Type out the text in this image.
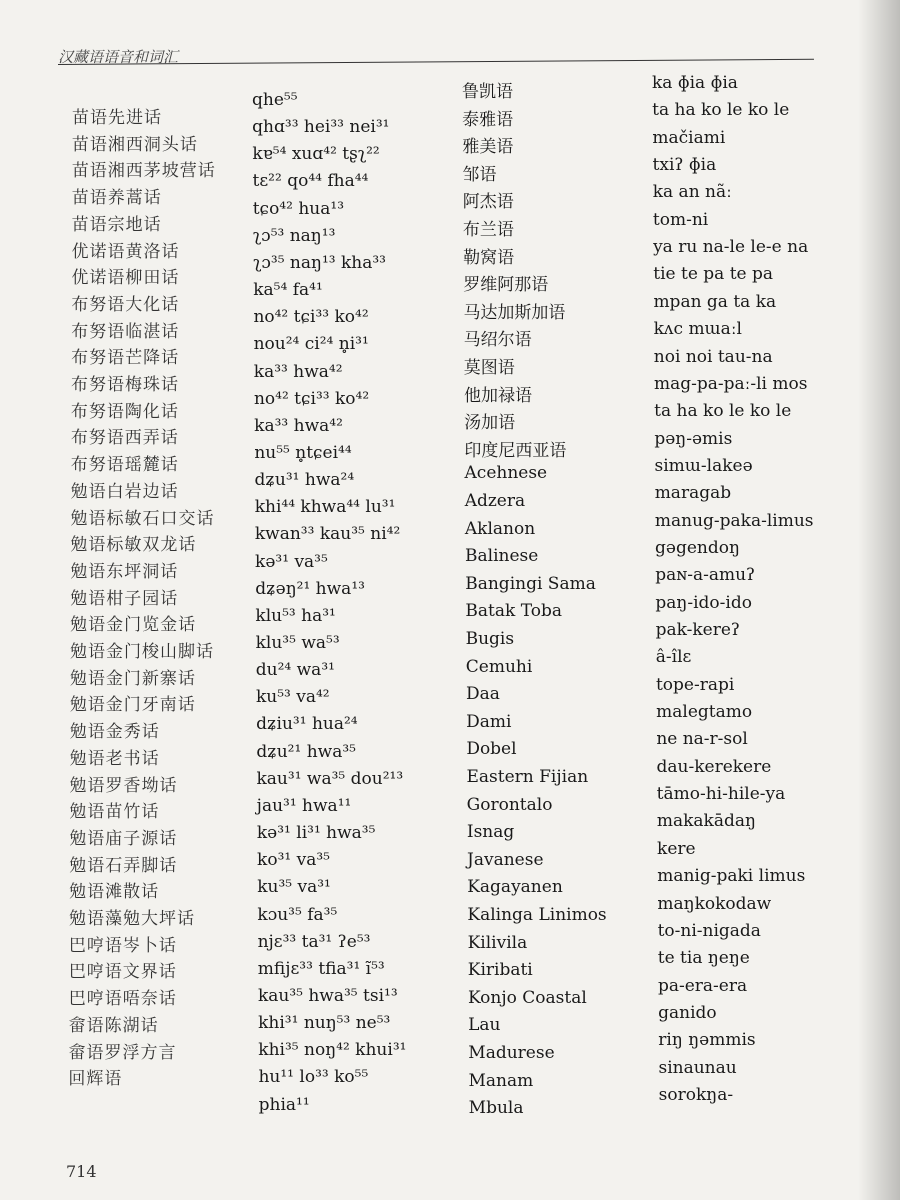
汉藏语语音和词汇
苗语先进话
苗语湘西洞头话
苗语湘西茅坡营话
苗语养蒿话
苗语宗地话
优诺语黄洛话
优诺语柳田话
布努语大化话
布努语临湛话
布努语芒降话
布努语梅珠话
布努语陶化话
布努语西弄话
布努语瑶麓话
勉语白岩边话
勉语标敏石口交话
勉语标敏双龙话
勉语东坪洞话
勉语柑子园话
勉语金门览金话
勉语金门梭山脚话
勉语金门新寨话
勉语金门牙南话
勉语金秀话
勉语老书话
勉语罗香坳话
勉语苗竹话
勉语庙子源话
勉语石弄脚话
勉语滩散话
勉语藻勉大坪话
巴哼语岑卜话
巴哼语文界话
巴哼语唔奈话
畲语陈湖话
畲语罗浮方言
回辉语
qhe⁵⁵
qhɑ³³ hei³³ nei³¹
kɐ⁵⁴ xuɑ⁴² tʂʅ²²
tɛ²² qo⁴⁴ fha⁴⁴
tɕo⁴² hua¹³
ʅɔ⁵³ naŋ¹³
ʅɔ³⁵ naŋ¹³ kha³³
ka⁵⁴ fa⁴¹
no⁴² tɕi³³ ko⁴²
nou²⁴ ci²⁴ n̥i³¹
ka³³ hwa⁴²
no⁴² tɕi³³ ko⁴²
ka³³ hwa⁴²
nu⁵⁵ n̥tɕei⁴⁴
dʑu³¹ hwa²⁴
khi⁴⁴ khwa⁴⁴ lu³¹
kwan³³ kau³⁵ ni⁴²
kə³¹ va³⁵
dʑəŋ²¹ hwa¹³
klu⁵³ ha³¹
klu³⁵ wa⁵³
du²⁴ wa³¹
ku⁵³ va⁴²
dʑiu³¹ hua²⁴
dʑu²¹ hwa³⁵
kau³¹ wa³⁵ dou²¹³
jau³¹ hwa¹¹
kə³¹ li³¹ hwa³⁵
ko³¹ va³⁵
ku³⁵ va³¹
kɔu³⁵ fa³⁵
njɛ³³ ta³¹ ʔe⁵³
mfijɛ³³ tfia³¹ ĩ⁵³
kau³⁵ hwa³⁵ tsi¹³
khi³¹ nuŋ⁵³ ne⁵³
khi³⁵ noŋ⁴² khui³¹
hu¹¹ lo³³ ko⁵⁵
phia¹¹
鲁凯语
泰雅语
雅美语
邹语
阿杰语
布兰语
勒窝语
罗维阿那语
马达加斯加语
马绍尔语
莫图语
他加禄语
汤加语
印度尼西亚语
Acehnese
Adzera
Aklanon
Balinese
Bangingi Sama
Batak Toba
Bugis
Cemuhi
Daa
Dami
Dobel
Eastern Fijian
Gorontalo
Isnag
Javanese
Kagayanen
Kalinga Linimos
Kilivila
Kiribati
Konjo Coastal
Lau
Madurese
Manam
Mbula
ka ɸia ɸia
ta ha ko le ko le
mačiami
txiʔ ɸia
ka an nãː
tom-ni
ya ru na-le le-e na
tie te pa te pa
mpan ga ta ka
kʌc mɯaːl
noi noi tau-na
mag-pa-paː-li mos
ta ha ko le ko le
pəŋ-əmis
simɯ-lakeə
maragab
manug-paka-limus
gəgendoŋ
paɴ-a-amuʔ
paŋ-ido-ido
pak-kereʔ
â-îlɛ
tope-rapi
malegtamo
ne na-r-sol
dau-kerekere
tāmo-hi-hile-ya
makakādaŋ
kere
manig-paki limus
maŋkokodaw
to-ni-nigada
te tia ŋeŋe
pa-era-era
ganido
riŋ ŋəmmis
sinaunau
sorokŋa-
714
